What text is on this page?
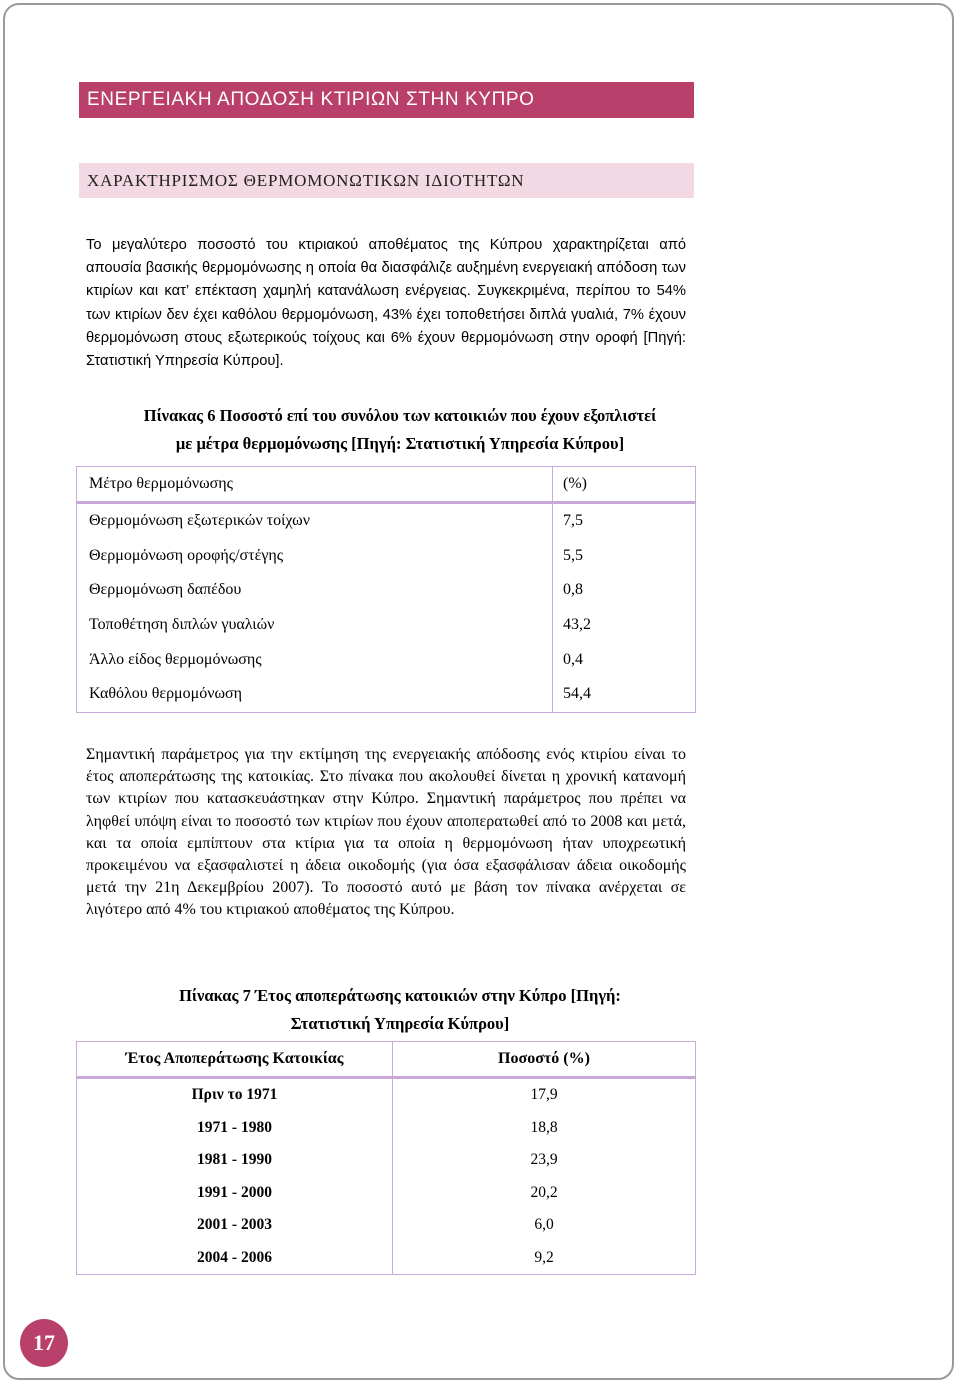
ΕΝΕΡΓΕΙΑΚΗ ΑΠΟΔΟΣΗ ΚΤΙΡΙΩΝ ΣΤΗΝ ΚΥΠΡΟ
ΧΑΡΑΚΤΗΡΙΣΜΟΣ ΘΕΡΜΟΜΟΝΩΤΙΚΩΝ ΙΔΙΟΤΗΤΩΝ

Το μεγαλύτερο ποσοστό του κτιριακού αποθέματος της Κύπρου χαρακτηρίζεται από απουσία βασικής θερμομόνωσης η οποία θα διασφάλιζε αυξημένη ενεργειακή απόδοση των κτιρίων και κατ’ επέκταση χαμηλή κατανάλωση ενέργειας. Συγκεκριμένα, περίπου το 54% των κτιρίων δεν έχει καθόλου θερμομόνωση, 43% έχει τοποθετήσει διπλά γυαλιά, 7% έχουν θερμομόνωση στους εξωτερικούς τοίχους και 6% έχουν θερμομόνωση στην οροφή [Πηγή: Στατιστική Υπηρεσία Κύπρου].

Πίνακας 6 Ποσοστό επί του συνόλου των κατοικιών που έχουν εξοπλιστεί
με μέτρα θερμομόνωσης [Πηγή: Στατιστική Υπηρεσία Κύπρου]
Μέτρο θερμομόνωσης	(%)
Θερμομόνωση εξωτερικών τοίχων	7,5
Θερμομόνωση οροφής/στέγης	5,5
Θερμομόνωση δαπέδου	0,8
Τοποθέτηση διπλών γυαλιών	43,2
Άλλο είδος θερμομόνωσης	0,4
Καθόλου θερμομόνωση	54,4

Σημαντική παράμετρος για την εκτίμηση της ενεργειακής απόδοσης ενός κτιρίου είναι το έτος αποπεράτωσης της κατοικίας. Στο πίνακα που ακολουθεί δίνεται η χρονική κατανομή των κτιρίων που κατασκευάστηκαν στην Κύπρο. Σημαντική παράμετρος που πρέπει να ληφθεί υπόψη είναι το ποσοστό των κτιρίων που έχουν αποπερατωθεί από το 2008 και μετά, και τα οποία εμπίπτουν στα κτίρια για τα οποία η θερμομόνωση ήταν υποχρεωτική προκειμένου να εξασφαλιστεί η άδεια οικοδομής (για όσα εξασφάλισαν άδεια οικοδομής μετά την 21η Δεκεμβρίου 2007). Το ποσοστό αυτό με βάση τον πίνακα ανέρχεται σε λιγότερο από 4% του κτιριακού αποθέματος της Κύπρου.

Πίνακας 7 Έτος αποπεράτωσης κατοικιών στην Κύπρο [Πηγή:
Στατιστική Υπηρεσία Κύπρου]
Έτος Αποπεράτωσης Κατοικίας	Ποσοστό (%)
Πριν το 1971	17,9
1971 - 1980	18,8
1981 - 1990	23,9
1991 - 2000	20,2
2001 - 2003	6,0
2004 - 2006	9,2
17
